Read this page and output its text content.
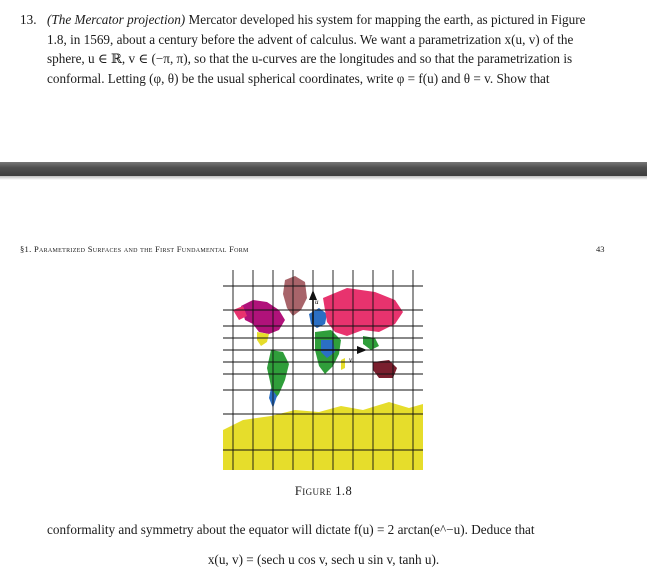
13. (The Mercator projection) Mercator developed his system for mapping the earth, as pictured in Figure
1.8, in 1569, about a century before the advent of calculus. We want a parametrization x(u, v) of the
sphere, u ∈ ℝ, v ∈ (−π, π), so that the u-curves are the longitudes and so that the parametrization is
conformal. Letting (φ, θ) be the usual spherical coordinates, write φ = f(u) and θ = v. Show that
§1. Parametrized Surfaces and the First Fundamental Form	43
u
v
Figure 1.8
conformality and symmetry about the equator will dictate f(u) = 2 arctan(e^−u). Deduce that
x(u, v) = (sech u cos v, sech u sin v, tanh u).
